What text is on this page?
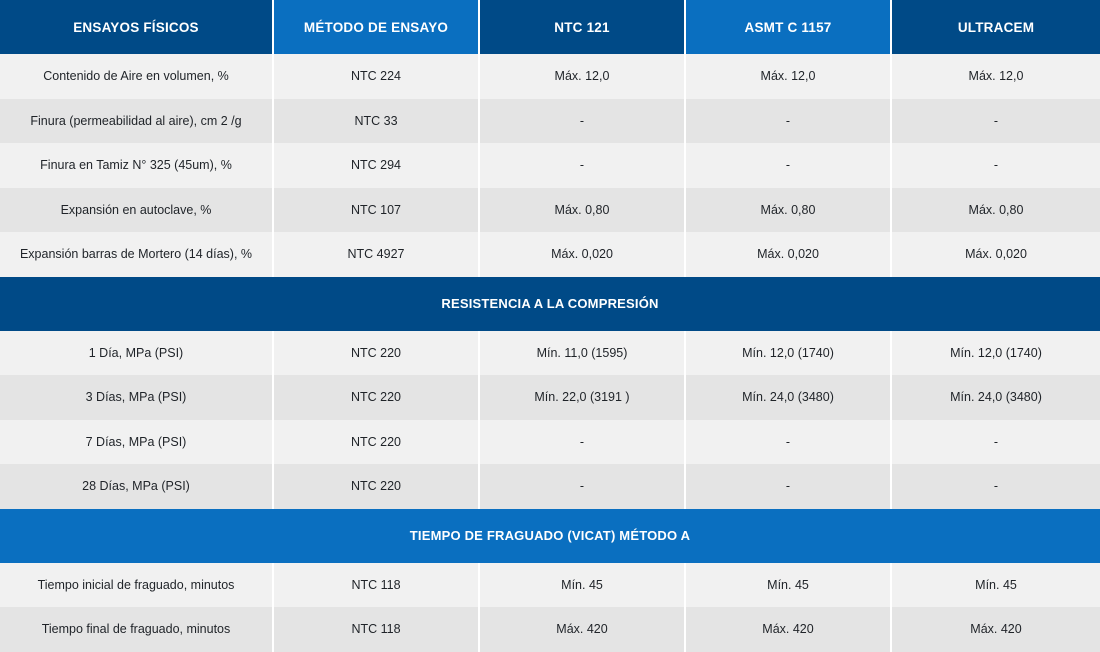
ENSAYOS FÍSICOS	MÉTODO DE ENSAYO	NTC 121	ASMT C 1157	ULTRACEM
Contenido de Aire en volumen, %	NTC 224	Máx. 12,0	Máx. 12,0	Máx. 12,0
Finura (permeabilidad al aire), cm 2 /g	NTC 33	-	-	-
Finura en Tamiz N° 325 (45um), %	NTC 294	-	-	-
Expansión en autoclave, %	NTC 107	Máx. 0,80	Máx. 0,80	Máx. 0,80
Expansión barras de Mortero (14 días), %	NTC 4927	Máx. 0,020	Máx. 0,020	Máx. 0,020
RESISTENCIA A LA COMPRESIÓN
1 Día, MPa (PSI)	NTC 220	Mín. 11,0 (1595)	Mín. 12,0 (1740)	Mín. 12,0 (1740)
3 Días, MPa (PSI)	NTC 220	Mín. 22,0 (3191 )	Mín. 24,0 (3480)	Mín. 24,0 (3480)
7 Días, MPa (PSI)	NTC 220	-	-	-
28 Días, MPa (PSI)	NTC 220	-	-	-
TIEMPO DE FRAGUADO (VICAT) MÉTODO A
Tiempo inicial de fraguado, minutos	NTC 118	Mín. 45	Mín. 45	Mín. 45
Tiempo final de fraguado, minutos	NTC 118	Máx. 420	Máx. 420	Máx. 420
